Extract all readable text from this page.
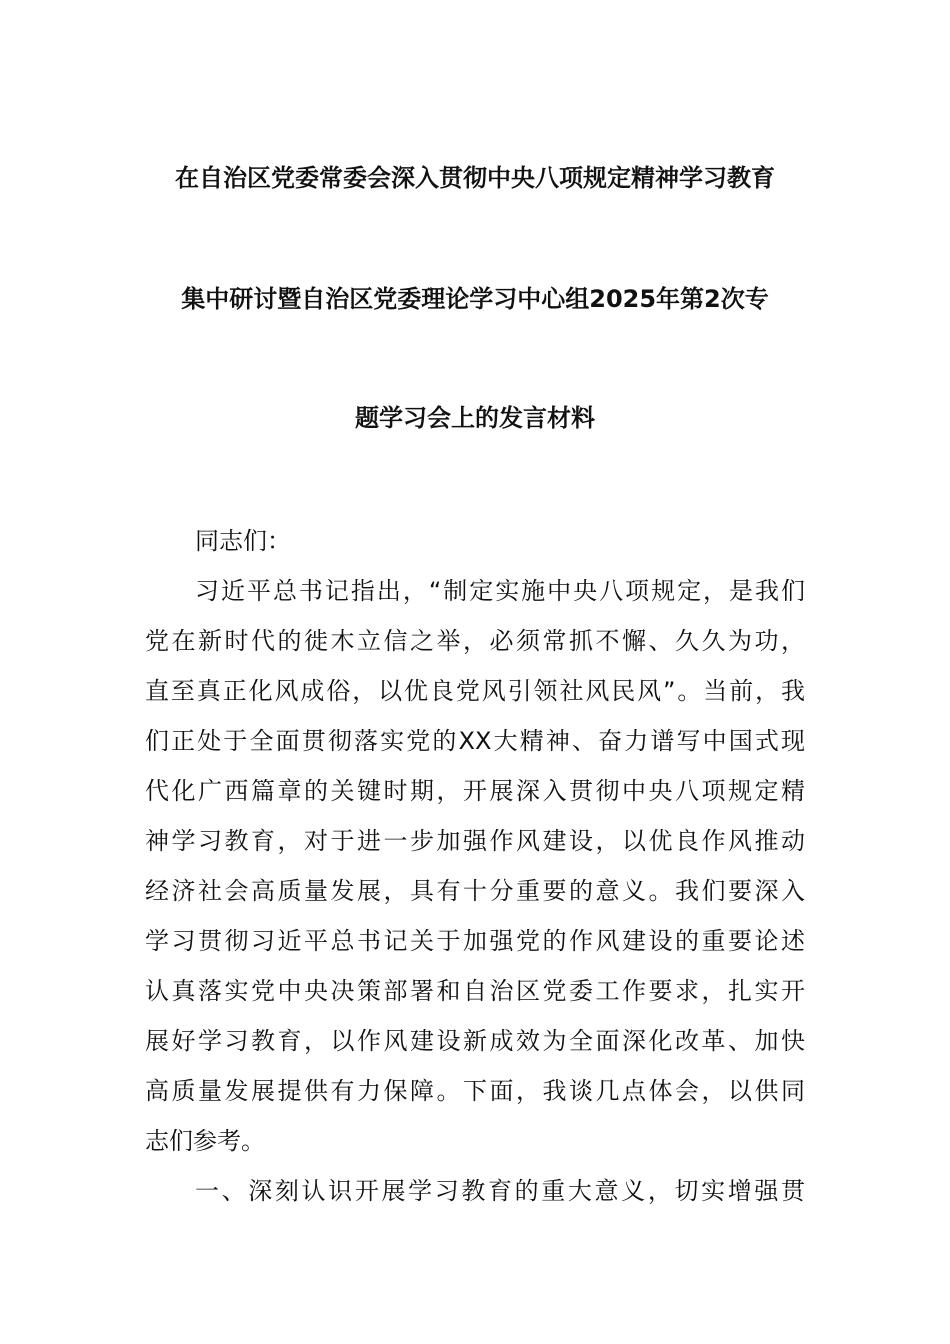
在自治区党委常委会深入贯彻中央八项规定精神学习教育
集中研讨暨自治区党委理论学习中心组2025年第2次专
题学习会上的发言材料
同志们：
习近平总书记指出，“制定实施中央八项规定，是我们
党在新时代的徙木立信之举，必须常抓不懈、久久为功，
直至真正化风成俗，以优良党风引领社风民风”。当前，我
们正处于全面贯彻落实党的XX大精神、奋力谱写中国式现
代化广西篇章的关键时期，开展深入贯彻中央八项规定精
神学习教育，对于进一步加强作风建设，以优良作风推动
经济社会高质量发展，具有十分重要的意义。我们要深入
学习贯彻习近平总书记关于加强党的作风建设的重要论述
认真落实党中央决策部署和自治区党委工作要求，扎实开
展好学习教育，以作风建设新成效为全面深化改革、加快
高质量发展提供有力保障。下面，我谈几点体会，以供同
志们参考。
一、深刻认识开展学习教育的重大意义，切实增强贯
